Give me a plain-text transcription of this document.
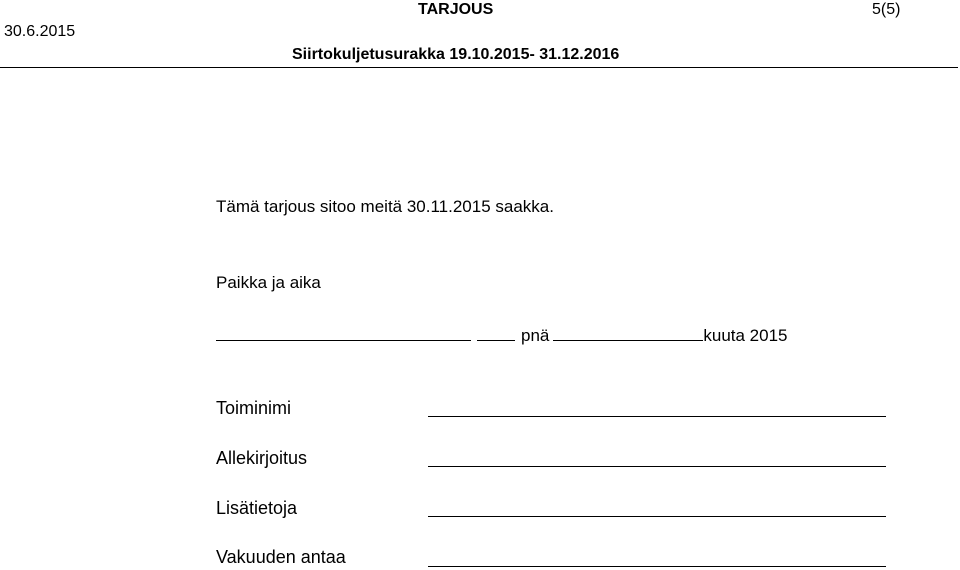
30.6.2015
TARJOUS	5(5)
Siirtokuljetusurakka 19.10.2015- 31.12.2016
Tämä tarjous sitoo meitä 30.11.2015 saakka.
Paikka ja aika
pnä	kuuta 2015
Toiminimi
Allekirjoitus
Lisätietoja
Vakuuden antaa
